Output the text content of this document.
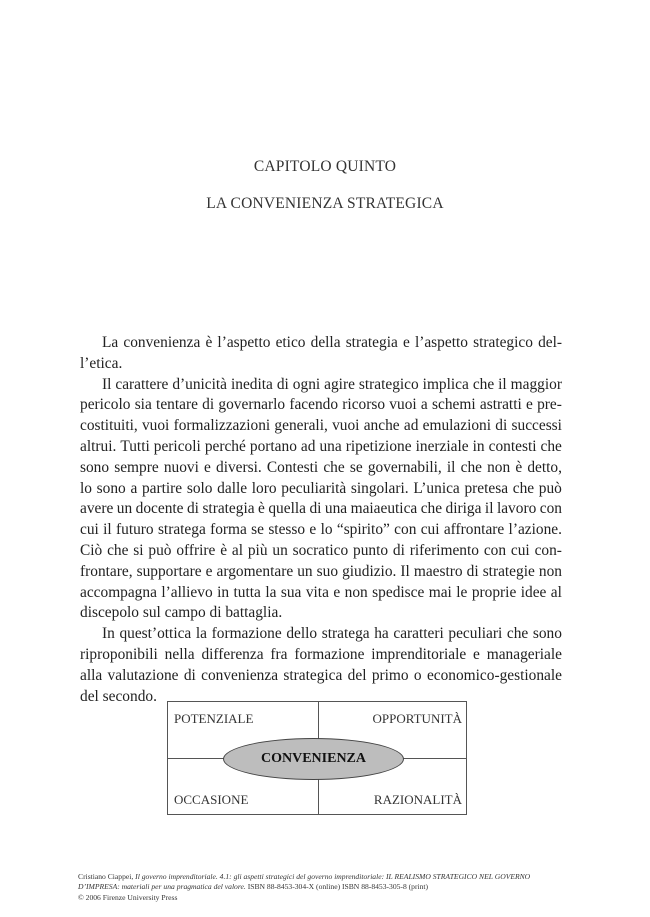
CAPITOLO QUINTO
LA CONVENIENZA STRATEGICA
La convenienza è l’aspetto etico della strategia e l’aspetto strategico del-
l’etica.
Il carattere d’unicità inedita di ogni agire strategico implica che il maggior
pericolo sia tentare di governarlo facendo ricorso vuoi a schemi astratti e pre-
costituiti, vuoi formalizzazioni generali, vuoi anche ad emulazioni di successi
altrui. Tutti pericoli perché portano ad una ripetizione inerziale in contesti che
sono sempre nuovi e diversi. Contesti che se governabili, il che non è detto,
lo sono a partire solo dalle loro peculiarità singolari. L’unica pretesa che può
avere un docente di strategia è quella di una maiaeutica che diriga il lavoro con
cui il futuro stratega forma se stesso e lo “spirito” con cui affrontare l’azione.
Ciò che si può offrire è al più un socratico punto di riferimento con cui con-
frontare, supportare e argomentare un suo giudizio. Il maestro di strategie non
accompagna l’allievo in tutta la sua vita e non spedisce mai le proprie idee al
discepolo sul campo di battaglia.
In quest’ottica la formazione dello stratega ha caratteri peculiari che sono
riproponibili nella differenza fra formazione imprenditoriale e manageriale
alla valutazione di convenienza strategica del primo o economico-gestionale
del secondo.
POTENZIALE	OPPORTUNITÀ
OCCASIONE	RAZIONALITÀ
CONVENIENZA
Cristiano Ciappei, Il governo imprenditoriale. 4.1: gli aspetti strategici del governo imprenditoriale: IL REALISMO STRATEGICO NEL GOVERNO D’IMPRESA: materiali per una pragmatica del valore. ISBN 88-8453-304-X (online) ISBN 88-8453-305-8 (print)
© 2006 Firenze University Press
